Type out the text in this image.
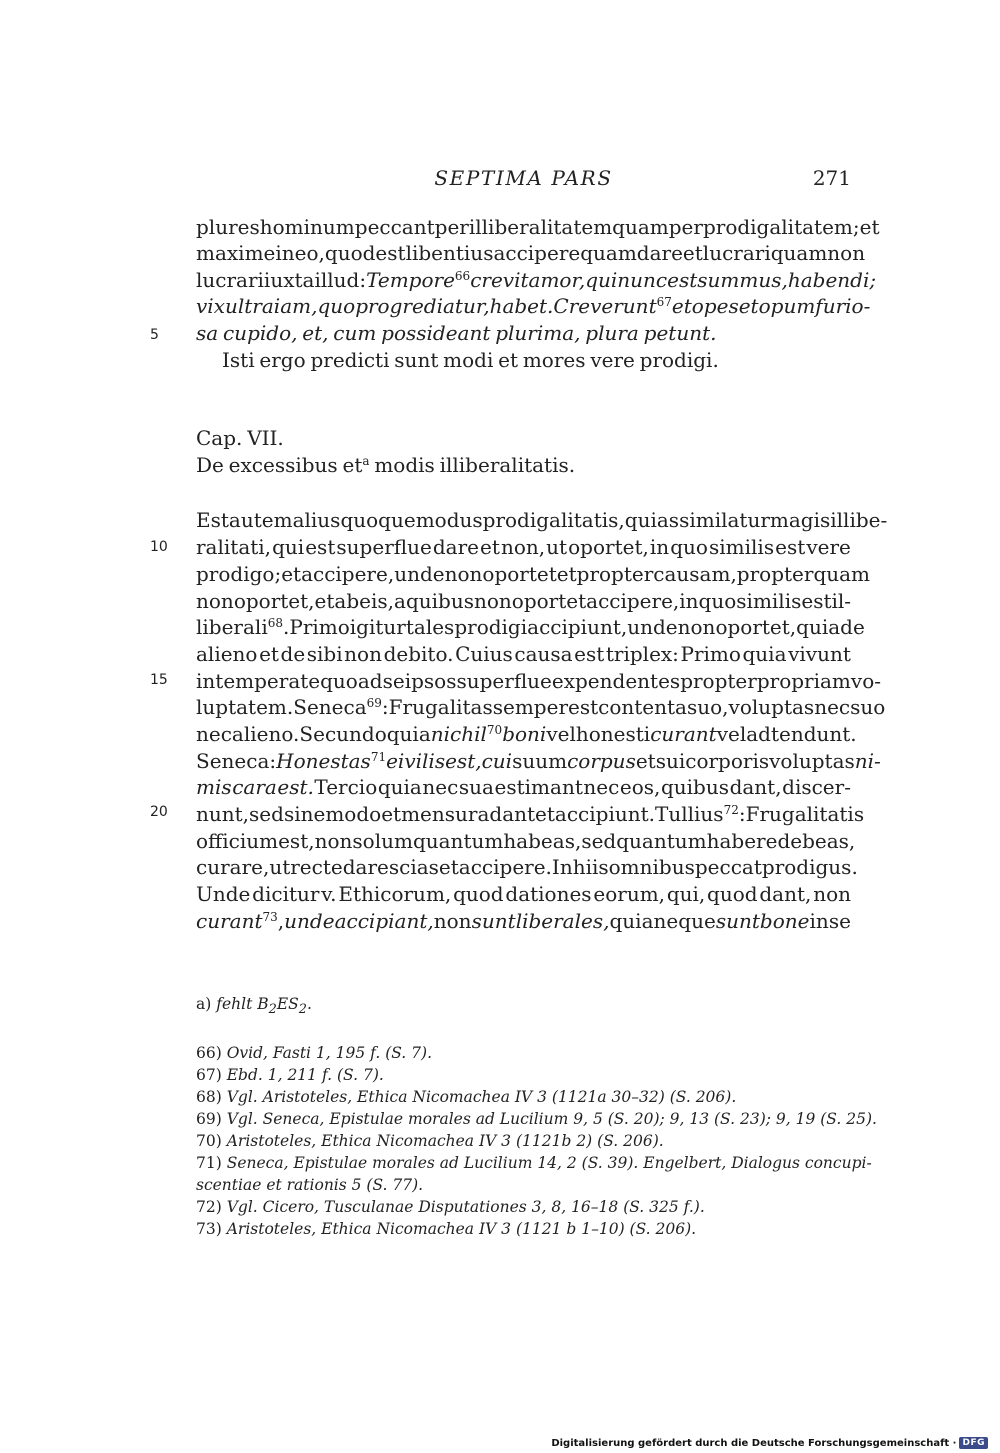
SEPTIMA PARS	271
5
10
15
20
plures hominum peccant per illiberalitatem quam per prodigalitatem; et
maxime in eo, quod est libentius accipere quam dare et lucrari quam non
lucrari iuxta illud: Tempore$^{66}$ crevit amor, qui nunc est summus, habendi;
vix ultra iam, quo progrediatur, habet. Creverunt$^{67}$ et opes et opum furio-
sa cupido, et, cum possideant plurima, plura petunt.
Isti ergo predicti sunt modi et mores vere prodigi.
Cap. VII.
De excessibus $et^a$ modis illiberalitatis.
Est autem alius quoque modus prodigalitatis, qui assimilatur magis illibe-
ralitati, qui est superflue dare et non, ut oportet, in quo similis est vere
prodigo; et accipere, unde non oportet et propter causam, propter quam
non oportet, et ab eis, a quibus non oportet accipere, in quo similis est il-
liberali$^{68}$. Primo igitur tales prodigi accipiunt, unde non oportet, quia de
alieno et de sibi non debito. Cuius causa est triplex: Primo quia vivunt
intemperate quo ad se ipsos superflue expendentes propter propriam vo-
luptatem. Seneca$^{69}$: Frugalitas semper est contenta suo, voluptas nec suo
nec alieno. Secundo quia nichil$^{70}$ boni vel honesti curant vel adtendunt.
Seneca: Honestas$^{71}$ ei vilis est, cui suum corpus et sui corporis voluptas ni-
mis cara est. Tercio quia nec sua estimant nec eos, quibus dant, discer-
nunt, sed sine modo et mensura dant et accipiunt. Tullius$^{72}$: Frugalitatis
officium est, non solum quantum habeas, sed quantum habere debeas,
curare, ut recte dare scias et accipere. In hiis omnibus peccat prodigus.
Unde dicitur v. Ethicorum, quod dationes eorum, qui, quod dant, non
curant$^{73}$, unde accipiant, non sunt liberales, quia neque sunt bone in se
a) fehlt $B_2ES_2$.
66) Ovid, Fasti 1, 195 f. (S. 7).
67) Ebd. 1, 211 f. (S. 7).
68) Vgl. Aristoteles, Ethica Nicomachea IV 3 (1121a 30–32) (S. 206).
69) Vgl. Seneca, Epistulae morales ad Lucilium 9, 5 (S. 20); 9, 13 (S. 23); 9, 19 (S. 25).
70) Aristoteles, Ethica Nicomachea IV 3 (1121b 2) (S. 206).
71) Seneca, Epistulae morales ad Lucilium 14, 2 (S. 39). Engelbert, Dialogus concupi-
scentiae et rationis 5 (S. 77).
72) Vgl. Cicero, Tusculanae Disputationes 3, 8, 16–18 (S. 325 f.).
73) Aristoteles, Ethica Nicomachea IV 3 (1121 b 1–10) (S. 206).
Digitalisierung gefördert durch die Deutsche Forschungsgemeinschaft · DFG
